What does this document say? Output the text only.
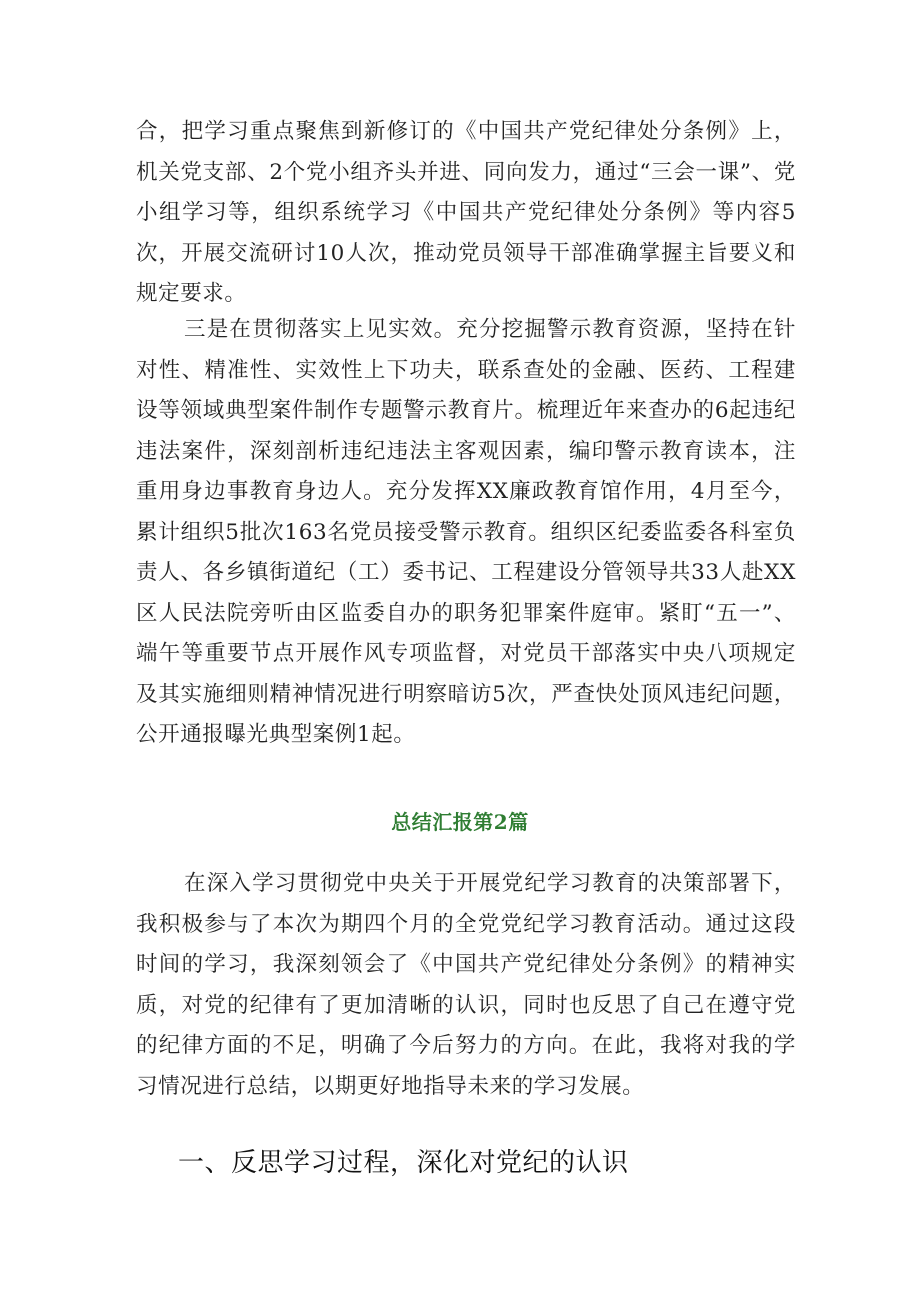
合，把学习重点聚焦到新修订的《中国共产党纪律处分条例》上，机关党支部、2个党小组齐头并进、同向发力，通过“三会一课”、党小组学习等，组织系统学习《中国共产党纪律处分条例》等内容5次，开展交流研讨10人次，推动党员领导干部准确掌握主旨要义和规定要求。

三是在贯彻落实上见实效。充分挖掘警示教育资源，坚持在针对性、精准性、实效性上下功夫，联系查处的金融、医药、工程建设等领域典型案件制作专题警示教育片。梳理近年来查办的6起违纪违法案件，深刻剖析违纪违法主客观因素，编印警示教育读本，注重用身边事教育身边人。充分发挥XX廉政教育馆作用，4月至今，累计组织5批次163名党员接受警示教育。组织区纪委监委各科室负责人、各乡镇街道纪（工）委书记、工程建设分管领导共33人赴XX区人民法院旁听由区监委自办的职务犯罪案件庭审。紧盯“五一”、端午等重要节点开展作风专项监督，对党员干部落实中央八项规定及其实施细则精神情况进行明察暗访5次，严查快处顶风违纪问题，公开通报曝光典型案例1起。

总结汇报第2篇

在深入学习贯彻党中央关于开展党纪学习教育的决策部署下，我积极参与了本次为期四个月的全党党纪学习教育活动。通过这段时间的学习，我深刻领会了《中国共产党纪律处分条例》的精神实质，对党的纪律有了更加清晰的认识，同时也反思了自己在遵守党的纪律方面的不足，明确了今后努力的方向。在此，我将对我的学习情况进行总结，以期更好地指导未来的学习发展。

一、反思学习过程，深化对党纪的认识
